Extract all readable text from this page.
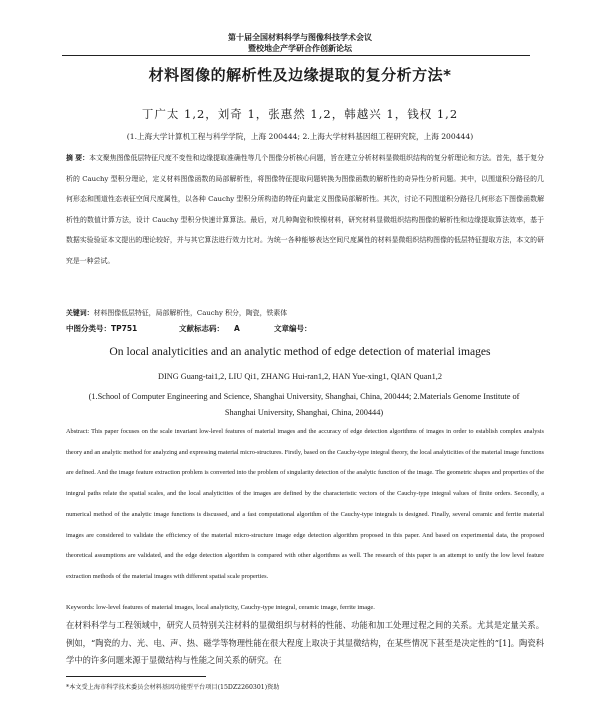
第十届全国材料科学与图像科技学术会议
暨校地企产学研合作创新论坛
材料图像的解析性及边缘提取的复分析方法*
丁广太 1,2，刘奇 1，张惠然 1,2，韩越兴 1，钱权 1,2
(1.上海大学计算机工程与科学学院，上海 200444; 2.上海大学材料基因组工程研究院，上海 200444)
摘 要：本文聚焦图像低层特征尺度不变性和边缘提取准确性等几个图像分析核心问题，旨在建立分析材料显微组织结构的复分析理论和方法。首先，基于复分析的 Cauchy 型积分理论，定义材料图像函数的局部解析性，将图像特征提取问题转换为图像函数的解析性的奇异性分析问题。其中，以围道积分路径的几何形态和围道性态表征空间尺度属性，以各种 Cauchy 型积分所构造的特征向量定义图像局部解析性。其次，讨论不同围道积分路径几何形态下图像函数解析性的数值计算方法，设计 Cauchy 型积分快速计算算法。最后，对几种陶瓷和铁镍材料，研究材料显微组织结构图像的解析性和边缘提取算法效率，基于数据实验验证本文提出的理论较好，并与其它算法进行效力比对。为统一各种能够表达空间尺度属性的材料显微组织结构图像的低层特征提取方法，本文的研究是一种尝试。
关键词：材料图像低层特征，局部解析性，Cauchy 积分，陶瓷，铁素体
中图分类号：TP751	文献标志码： A	文章编号：
On local analyticities and an analytic method of edge detection of material images
DING Guang-tai1,2, LIU Qi1, ZHANG Hui-ran1,2, HAN Yue-xing1, QIAN Quan1,2
(1.School of Computer Engineering and Science, Shanghai University, Shanghai, China, 200444; 2.Materials Genome Institute of Shanghai University, Shanghai, China, 200444)
Abstract: This paper focuses on the scale invariant low-level features of material images and the accuracy of edge detection algorithms of images in order to establish complex analysis theory and an analytic method for analyzing and expressing material micro-structures. Firstly, based on the Cauchy-type integral theory, the local analyticities of the material image functions are defined. And the image feature extraction problem is converted into the problem of singularity detection of the analytic function of the image. The geometric shapes and properties of the integral paths relate the spatial scales, and the local analyticities of the images are defined by the characteristic vectors of the Cauchy-type integral values of finite orders. Secondly, a numerical method of the analytic image functions is discussed, and a fast computational algorithm of the Cauchy-type integrals is designed. Finally, several ceramic and ferrite material images are considered to validate the efficiency of the material micro-structure image edge detection algorithm proposed in this paper. And based on experimental data, the proposed theoretical assumptions are validated, and the edge detection algorithm is compared with other algorithms as well. The research of this paper is an attempt to unify the low level feature extraction methods of the material images with different spatial scale properties.
Keywords: low-level features of material images, local analyticity, Cauchy-type integral, ceramic image, ferrite image.
在材料科学与工程领域中，研究人员特别关注材料的显微组织与材料的性能、功能和加工处理过程之间的关系。尤其是定量关系。例如，“陶瓷的力、光、电、声、热、磁学等物理性能在很大程度上取决于其显微结构，在某些情况下甚至是决定性的”[1]。陶瓷科学中的许多问题来源于显微结构与性能之间关系的研究。在
*本文受上海市科学技术委员会材料基因功能型平台项目(15DZ2260301)资助
